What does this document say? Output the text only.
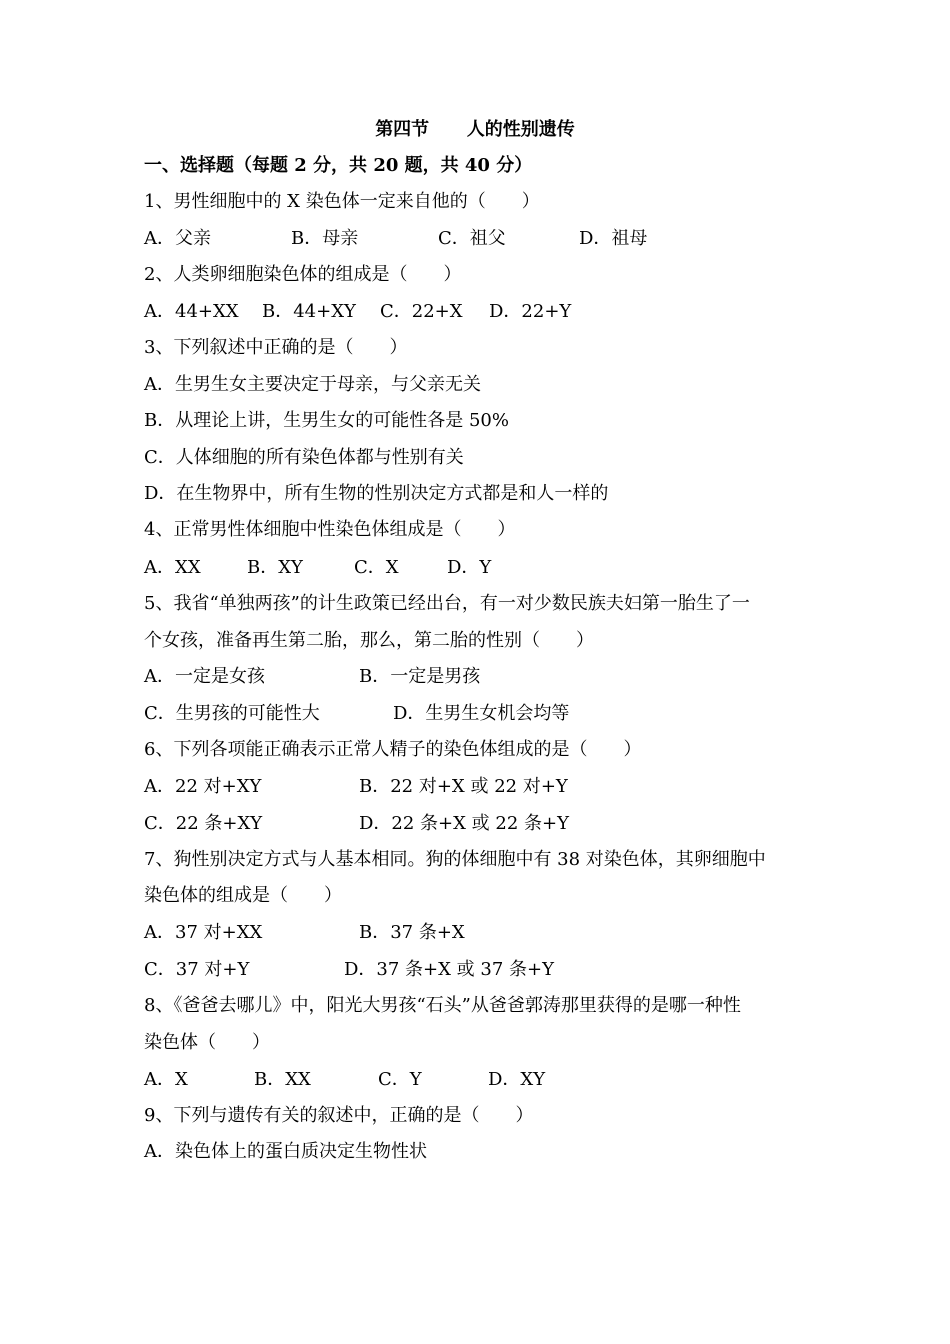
第四节      人的性别遗传
一、选择题（每题 2 分，共 20 题，共 40 分）
1、男性细胞中的 X 染色体一定来自他的（　　）
A．父亲	B．母亲	C．祖父	D．祖母
2、人类卵细胞染色体的组成是（　　）
A．44+XX B．44+XY C．22+X D．22+Y
3、下列叙述中正确的是（　　）
A．生男生女主要决定于母亲，与父亲无关
B．从理论上讲，生男生女的可能性各是 50%
C．人体细胞的所有染色体都与性别有关
D．在生物界中，所有生物的性别决定方式都是和人一样的
4、正常男性体细胞中性染色体组成是（　　）
A．XX	B．XY	C．X	D．Y
5、我省“单独两孩”的计生政策已经出台，有一对少数民族夫妇第一胎生了一
个女孩，准备再生第二胎，那么，第二胎的性别（　　）
A．一定是女孩	B．一定是男孩
C．生男孩的可能性大	D．生男生女机会均等
6、下列各项能正确表示正常人精子的染色体组成的是（　　）
A．22 对+XY	B．22 对+X 或 22 对+Y
C．22 条+XY	D．22 条+X 或 22 条+Y
7、狗性别决定方式与人基本相同。狗的体细胞中有 38 对染色体，其卵细胞中
染色体的组成是（　　）
A．37 对+XX	B．37 条+X
C．37 对+Y	D．37 条+X 或 37 条+Y
8、《爸爸去哪儿》中，阳光大男孩“石头”从爸爸郭涛那里获得的是哪一种性
染色体（　　）
A．X	B．XX	C．Y	D．XY
9、下列与遗传有关的叙述中，正确的是（　　）
A．染色体上的蛋白质决定生物性状
